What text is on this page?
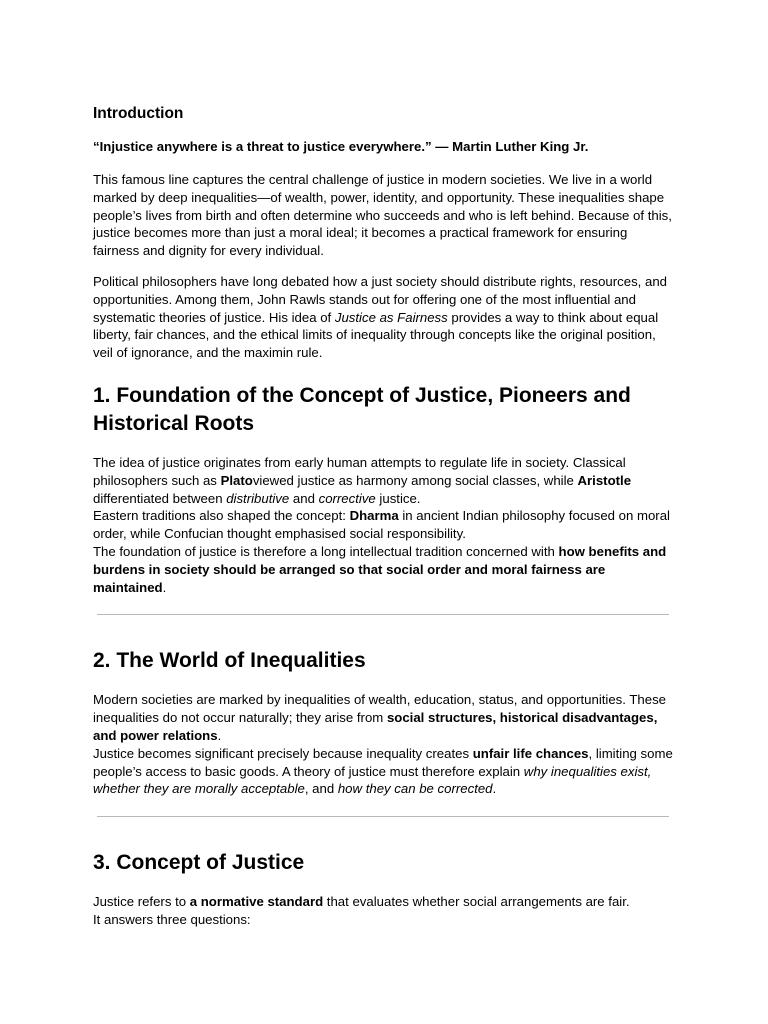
Introduction
“Injustice anywhere is a threat to justice everywhere.” — Martin Luther King Jr.

This famous line captures the central challenge of justice in modern societies. We live in a world marked by deep inequalities—of wealth, power, identity, and opportunity. These inequalities shape people’s lives from birth and often determine who succeeds and who is left behind. Because of this, justice becomes more than just a moral ideal; it becomes a practical framework for ensuring fairness and dignity for every individual.

Political philosophers have long debated how a just society should distribute rights, resources, and opportunities. Among them, John Rawls stands out for offering one of the most influential and systematic theories of justice. His idea of Justice as Fairness provides a way to think about equal liberty, fair chances, and the ethical limits of inequality through concepts like the original position, veil of ignorance, and the maximin rule.

1. Foundation of the Concept of Justice, Pioneers and Historical Roots

The idea of justice originates from early human attempts to regulate life in society. Classical philosophers such as Platoviewed justice as harmony among social classes, while Aristotle differentiated between distributive and corrective justice.
Eastern traditions also shaped the concept: Dharma in ancient Indian philosophy focused on moral order, while Confucian thought emphasised social responsibility.
The foundation of justice is therefore a long intellectual tradition concerned with how benefits and burdens in society should be arranged so that social order and moral fairness are maintained.

2. The World of Inequalities

Modern societies are marked by inequalities of wealth, education, status, and opportunities. These inequalities do not occur naturally; they arise from social structures, historical disadvantages, and power relations.
Justice becomes significant precisely because inequality creates unfair life chances, limiting some people’s access to basic goods. A theory of justice must therefore explain why inequalities exist, whether they are morally acceptable, and how they can be corrected.

3. Concept of Justice

Justice refers to a normative standard that evaluates whether social arrangements are fair.
It answers three questions:
